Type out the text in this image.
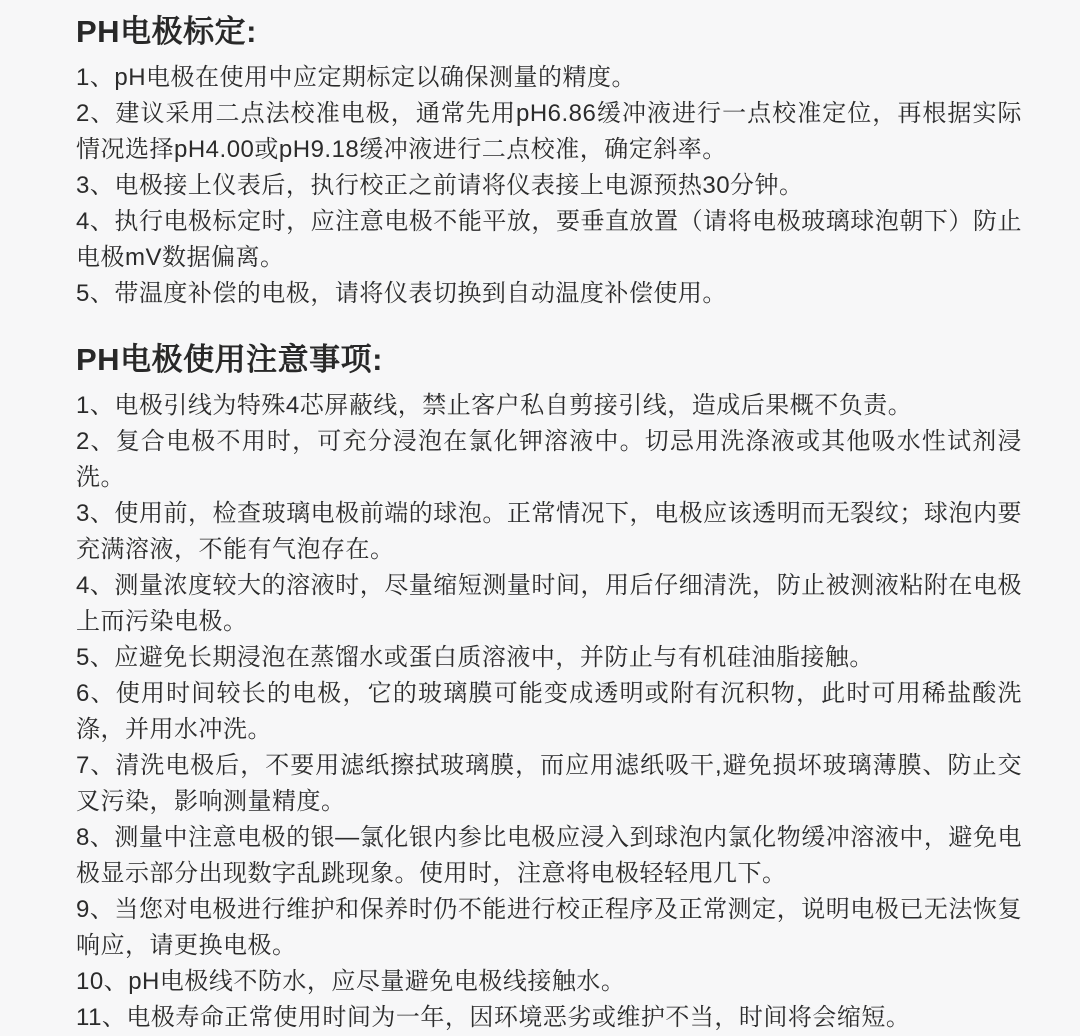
PH电极标定:

1、pH电极在使用中应定期标定以确保测量的精度。

2、建议采用二点法校准电极，通常先用pH6.86缓冲液进行一点校准定位，再根据实际情况选择pH4.00或pH9.18缓冲液进行二点校准，确定斜率。

3、电极接上仪表后，执行校正之前请将仪表接上电源预热30分钟。

4、执行电极标定时，应注意电极不能平放，要垂直放置（请将电极玻璃球泡朝下）防止电极mV数据偏离。

5、带温度补偿的电极，请将仪表切换到自动温度补偿使用。

PH电极使用注意事项:

1、电极引线为特殊4芯屏蔽线，禁止客户私自剪接引线，造成后果概不负责。

2、复合电极不用时，可充分浸泡在氯化钾溶液中。切忌用洗涤液或其他吸水性试剂浸洗。

3、使用前，检查玻璃电极前端的球泡。正常情况下，电极应该透明而无裂纹；球泡内要充满溶液，不能有气泡存在。

4、测量浓度较大的溶液时，尽量缩短测量时间，用后仔细清洗，防止被测液粘附在电极上而污染电极。

5、应避免长期浸泡在蒸馏水或蛋白质溶液中，并防止与有机硅油脂接触。

6、使用时间较长的电极，它的玻璃膜可能变成透明或附有沉积物，此时可用稀盐酸洗涤，并用水冲洗。

7、清洗电极后，不要用滤纸擦拭玻璃膜，而应用滤纸吸干,避免损坏玻璃薄膜、防止交叉污染，影响测量精度。

8、测量中注意电极的银—氯化银内参比电极应浸入到球泡内氯化物缓冲溶液中，避免电极显示部分出现数字乱跳现象。使用时，注意将电极轻轻甩几下。

9、当您对电极进行维护和保养时仍不能进行校正程序及正常测定，说明电极已无法恢复响应，请更换电极。

10、pH电极线不防水，应尽量避免电极线接触水。

11、电极寿命正常使用时间为一年，因环境恶劣或维护不当，时间将会缩短。
